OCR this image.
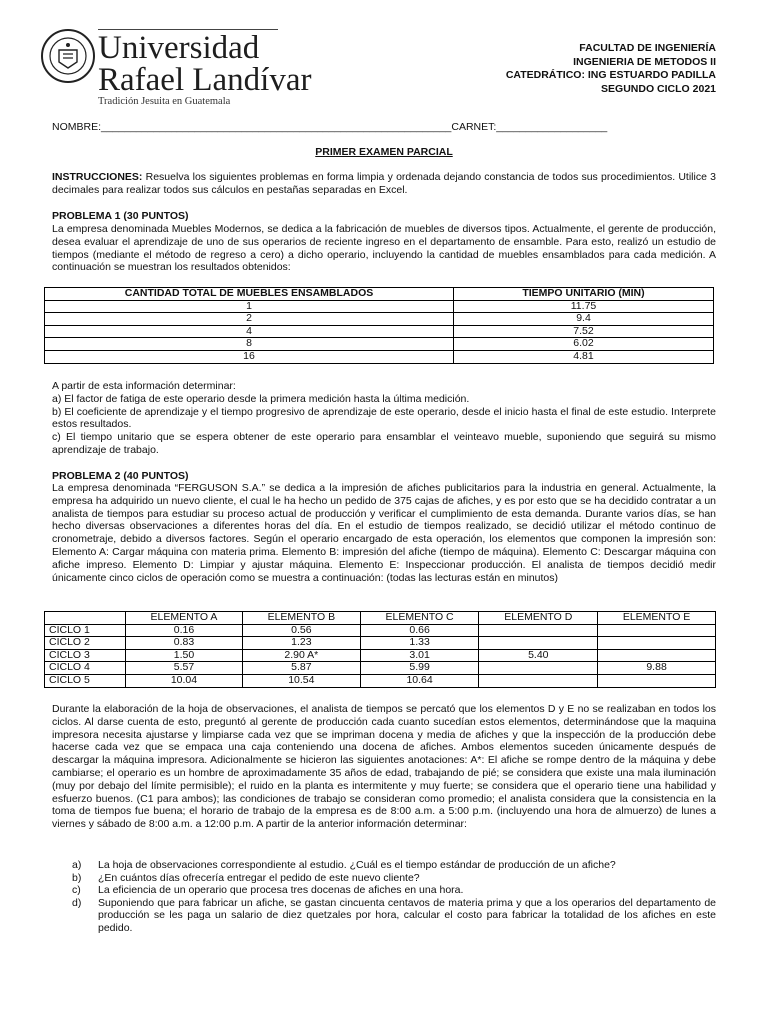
Universidad
Rafael Landívar
Tradición Jesuita en Guatemala
FACULTAD DE INGENIERÍA
INGENIERIA DE METODOS II
CATEDRÁTICO: ING ESTUARDO PADILLA
SEGUNDO CICLO 2021
NOMBRE:____________________________________________________________CARNET:___________________
PRIMER EXAMEN PARCIAL
INSTRUCCIONES: Resuelva los siguientes problemas en forma limpia y ordenada dejando constancia de todos sus procedimientos. Utilice 3 decimales para realizar todos sus cálculos en pestañas separadas en Excel.
PROBLEMA 1 (30 PUNTOS)
La empresa denominada Muebles Modernos, se dedica a la fabricación de muebles de diversos tipos. Actualmente, el gerente de producción, desea evaluar el aprendizaje de uno de sus operarios de reciente ingreso en el departamento de ensamble. Para esto, realizó un estudio de tiempos (mediante el método de regreso a cero) a dicho operario, incluyendo la cantidad de muebles ensamblados para cada medición. A continuación se muestran los resultados obtenidos:
CANTIDAD TOTAL DE MUEBLES ENSAMBLADOS	TIEMPO UNITARIO (MIN)
1	11.75
2	9.4
4	7.52
8	6.02
16	4.81
A partir de esta información determinar:
a) El factor de fatiga de este operario desde la primera medición hasta la última medición.
b) El coeficiente de aprendizaje y el tiempo progresivo de aprendizaje de este operario, desde el inicio hasta el final de este estudio. Interprete estos resultados.
c) El tiempo unitario que se espera obtener de este operario para ensamblar el veinteavo mueble, suponiendo que seguirá su mismo aprendizaje de trabajo.
PROBLEMA 2 (40 PUNTOS)
La empresa denominada “FERGUSON S.A.” se dedica a la impresión de afiches publicitarios para la industria en general. Actualmente, la empresa ha adquirido un nuevo cliente, el cual le ha hecho un pedido de 375 cajas de afiches, y es por esto que se ha decidido contratar a un analista de tiempos para estudiar su proceso actual de producción y verificar el cumplimiento de esta demanda. Durante varios días, se han hecho diversas observaciones a diferentes horas del día. En el estudio de tiempos realizado, se decidió utilizar el método continuo de cronometraje, debido a diversos factores. Según el operario encargado de esta operación, los elementos que componen la impresión son: Elemento A: Cargar máquina con materia prima. Elemento B: impresión del afiche (tiempo de máquina). Elemento C: Descargar máquina con afiche impreso. Elemento D: Limpiar y ajustar máquina. Elemento E: Inspeccionar producción. El analista de tiempos decidió medir únicamente cinco ciclos de operación como se muestra a continuación: (todas las lecturas están en minutos)
	ELEMENTO A	ELEMENTO B	ELEMENTO C	ELEMENTO D	ELEMENTO E
CICLO 1	0.16	0.56	0.66		
CICLO 2	0.83	1.23	1.33		
CICLO 3	1.50	2.90 A*	3.01	5.40	
CICLO 4	5.57	5.87	5.99		9.88
CICLO 5	10.04	10.54	10.64		
Durante la elaboración de la hoja de observaciones, el analista de tiempos se percató que los elementos D y E no se realizaban en todos los ciclos. Al darse cuenta de esto, preguntó al gerente de producción cada cuanto sucedían estos elementos, determinándose que la maquina impresora necesita ajustarse y limpiarse cada vez que se impriman docena y media de afiches y que la inspección de la producción debe hacerse cada vez que se empaca una caja conteniendo una docena de afiches. Ambos elementos suceden únicamente después de descargar la máquina impresora. Adicionalmente se hicieron las siguientes anotaciones: A*: El afiche se rompe dentro de la máquina y debe cambiarse; el operario es un hombre de aproximadamente 35 años de edad, trabajando de pié; se considera que existe una mala iluminación (muy por debajo del límite permisible); el ruido en la planta es intermitente y muy fuerte; se considera que el operario tiene una habilidad y esfuerzo buenos. (C1 para ambos); las condiciones de trabajo se consideran como promedio; el analista considera que la consistencia en la toma de tiempos fue buena; el horario de trabajo de la empresa es de 8:00 a.m. a 5:00 p.m. (incluyendo una hora de almuerzo) de lunes a viernes y sábado de 8:00 a.m. a 12:00 p.m. A partir de la anterior información determinar:
a) La hoja de observaciones correspondiente al estudio. ¿Cuál es el tiempo estándar de producción de un afiche?
b) ¿En cuántos días ofrecería entregar el pedido de este nuevo cliente?
c) La eficiencia de un operario que procesa tres docenas de afiches en una hora.
d) Suponiendo que para fabricar un afiche, se gastan cincuenta centavos de materia prima y que a los operarios del departamento de producción se les paga un salario de diez quetzales por hora, calcular el costo para fabricar la totalidad de los afiches en este pedido.
